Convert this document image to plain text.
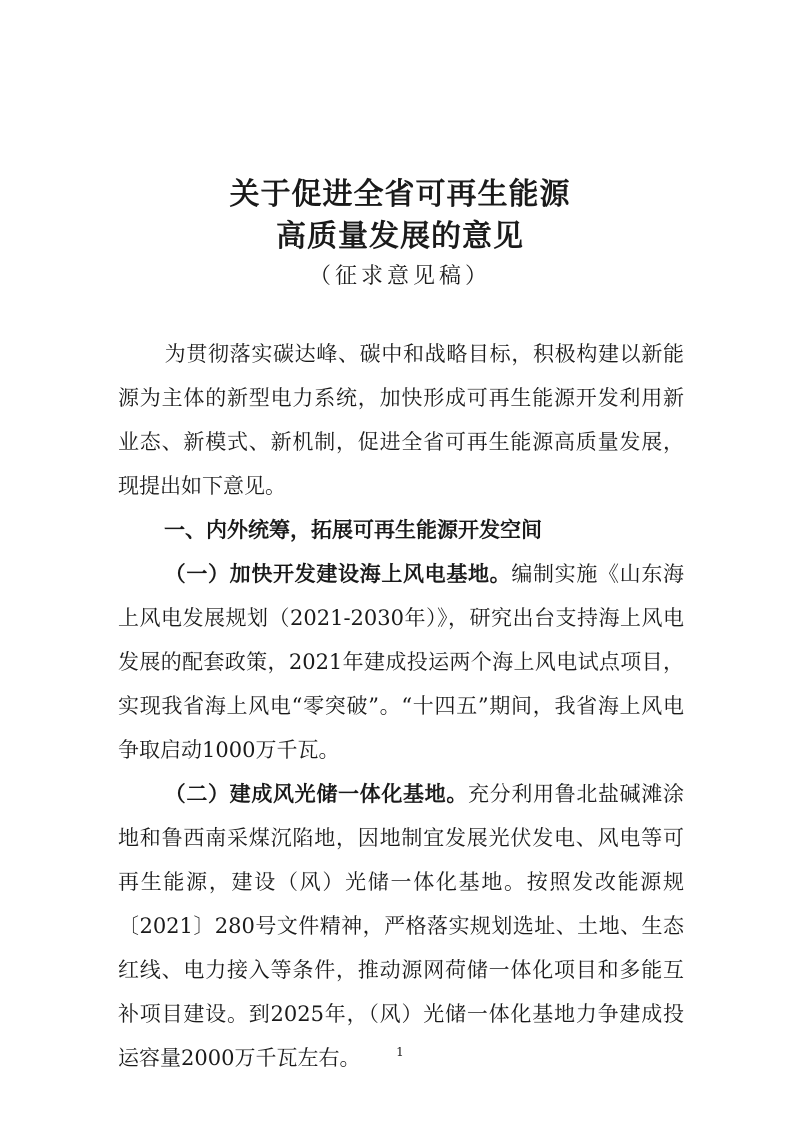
关于促进全省可再生能源
高质量发展的意见
（征求意见稿）
为贯彻落实碳达峰、碳中和战略目标，积极构建以新能源为主体的新型电力系统，加快形成可再生能源开发利用新业态、新模式、新机制，促进全省可再生能源高质量发展，现提出如下意见。
一、内外统筹，拓展可再生能源开发空间
（一）加快开发建设海上风电基地。编制实施《山东海上风电发展规划（2021-2030年）》，研究出台支持海上风电发展的配套政策，2021年建成投运两个海上风电试点项目，实现我省海上风电“零突破”。“十四五”期间，我省海上风电争取启动1000万千瓦。
（二）建成风光储一体化基地。充分利用鲁北盐碱滩涂地和鲁西南采煤沉陷地，因地制宜发展光伏发电、风电等可再生能源，建设（风）光储一体化基地。按照发改能源规〔2021〕280号文件精神，严格落实规划选址、土地、生态红线、电力接入等条件，推动源网荷储一体化项目和多能互补项目建设。到2025年，（风）光储一体化基地力争建成投运容量2000万千瓦左右。	1
